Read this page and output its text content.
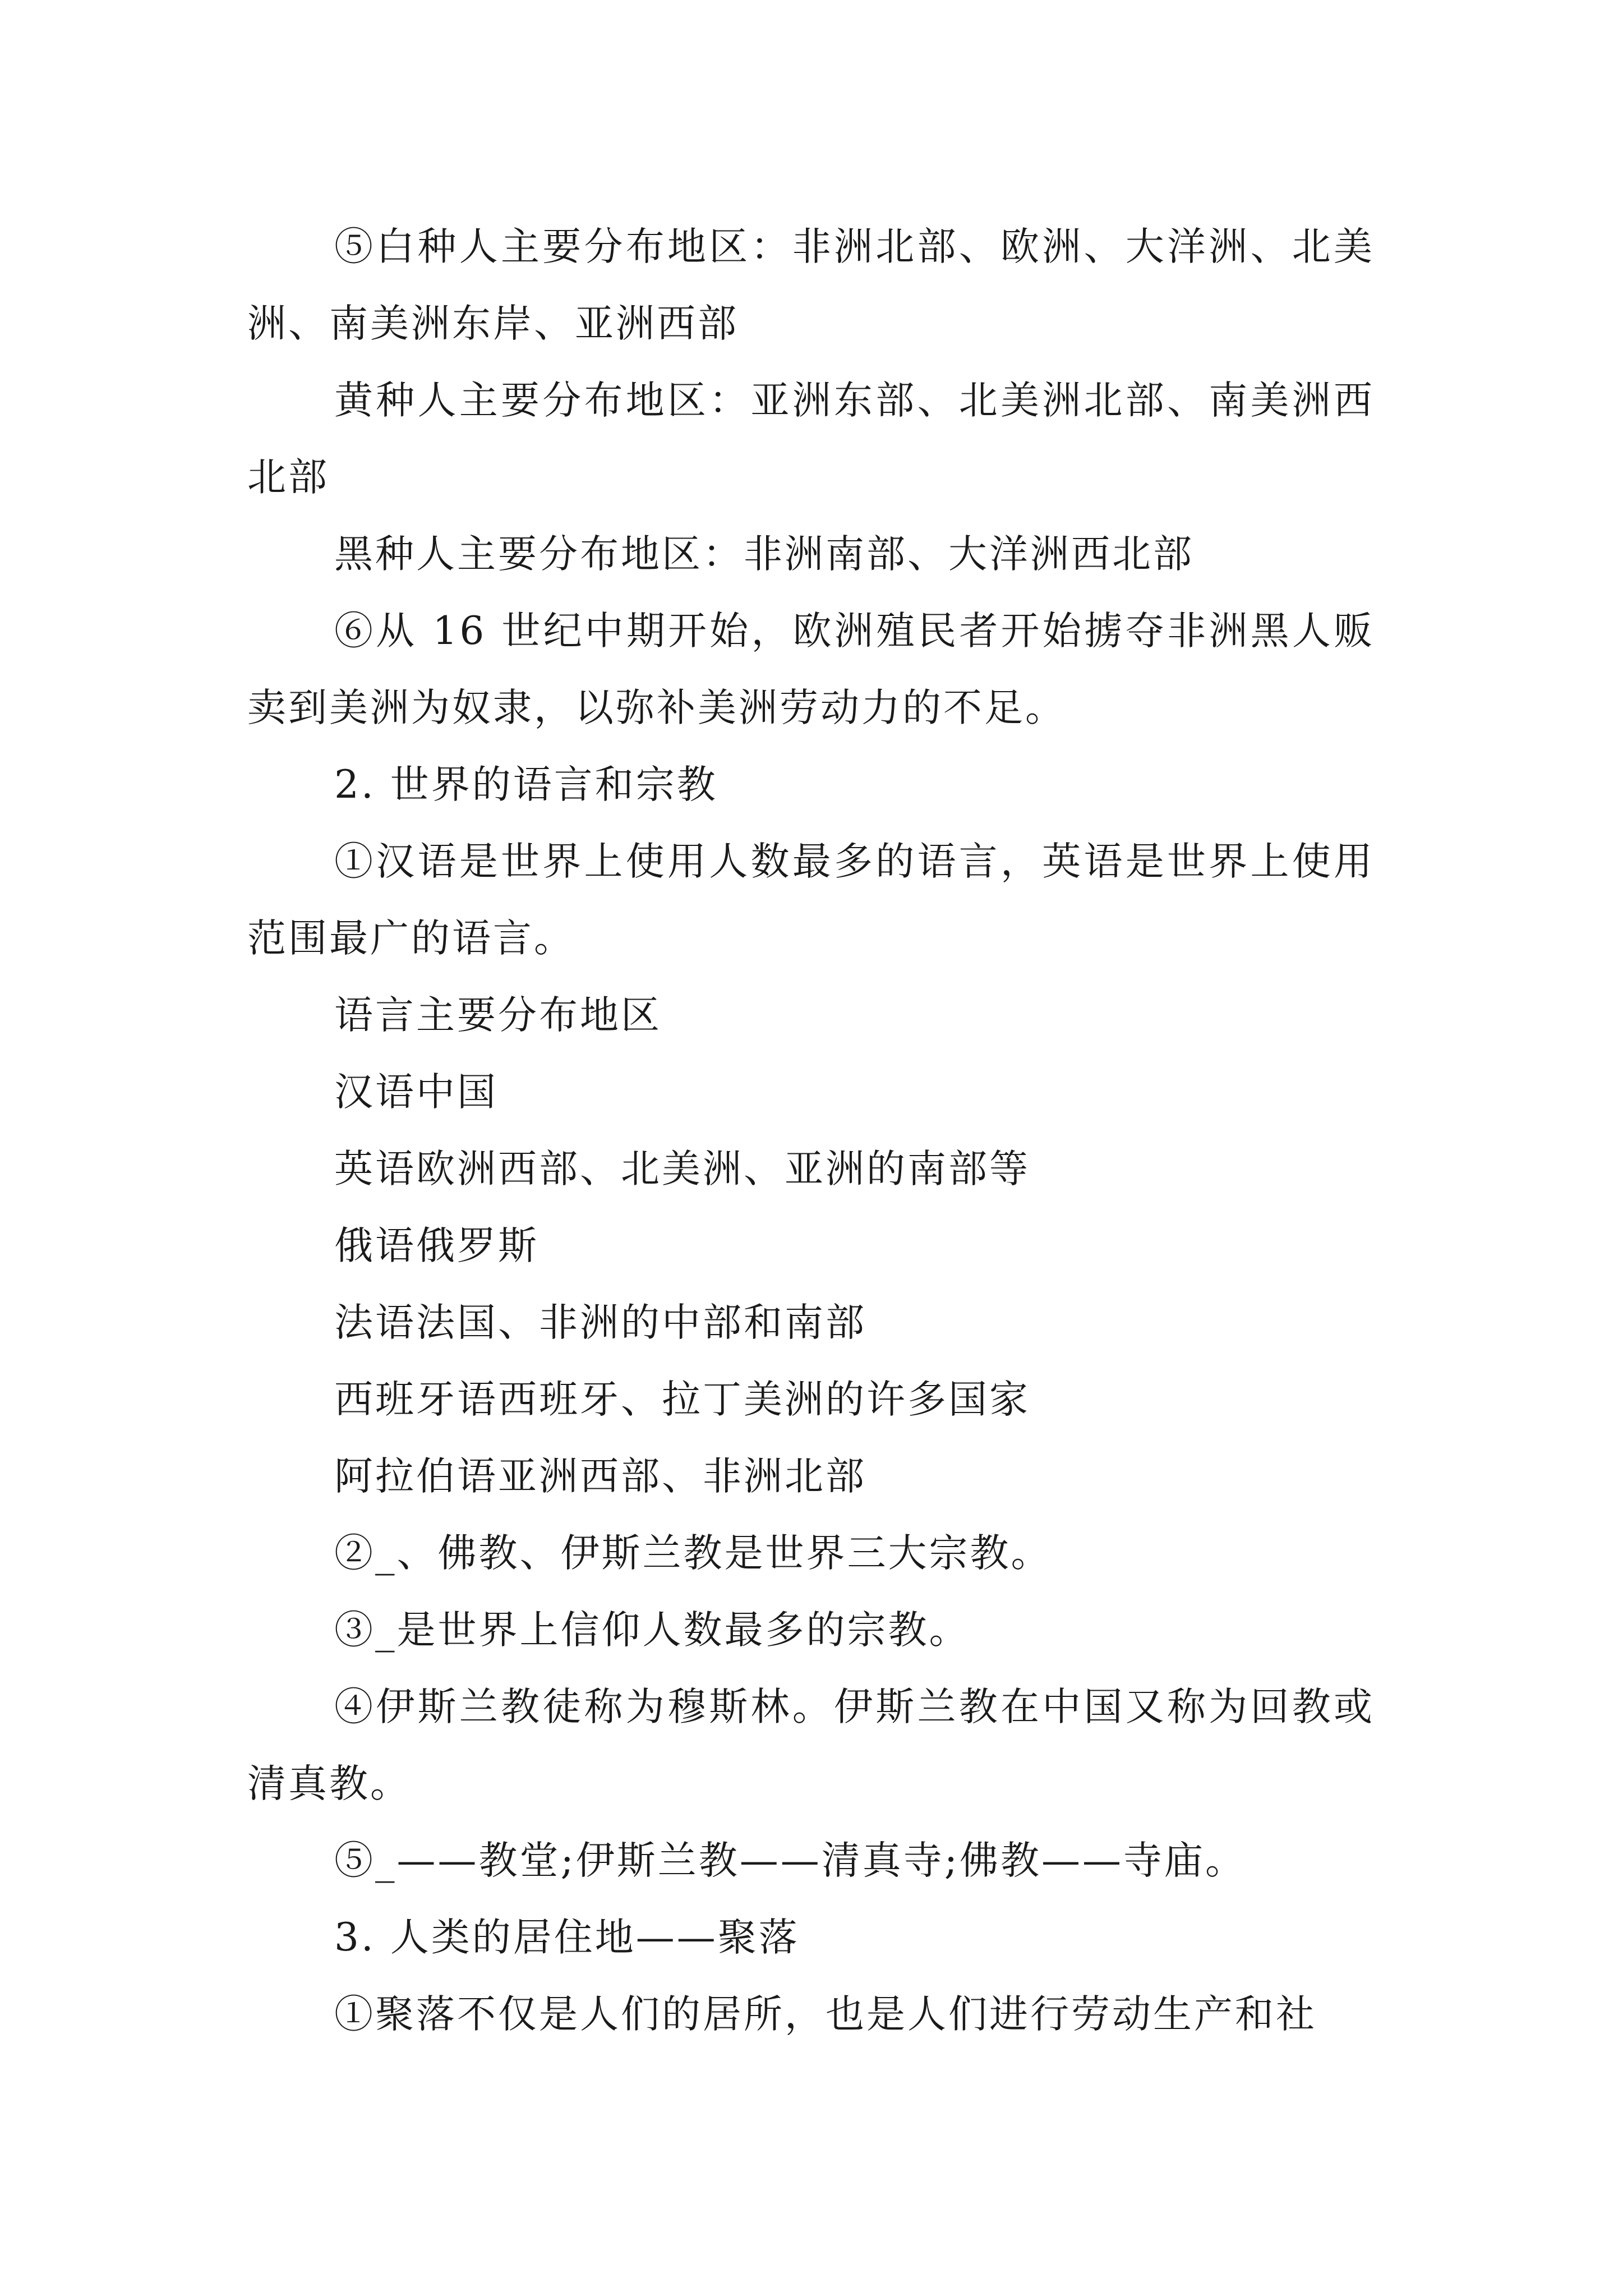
⑤白种人主要分布地区：非洲北部、欧洲、大洋洲、北美洲、南美洲东岸、亚洲西部

黄种人主要分布地区：亚洲东部、北美洲北部、南美洲西北部

黑种人主要分布地区：非洲南部、大洋洲西北部

⑥从 16 世纪中期开始，欧洲殖民者开始掳夺非洲黑人贩卖到美洲为奴隶，以弥补美洲劳动力的不足。

2. 世界的语言和宗教

①汉语是世界上使用人数最多的语言，英语是世界上使用范围最广的语言。

语言主要分布地区

汉语中国

英语欧洲西部、北美洲、亚洲的南部等

俄语俄罗斯

法语法国、非洲的中部和南部

西班牙语西班牙、拉丁美洲的许多国家

阿拉伯语亚洲西部、非洲北部

②_、佛教、伊斯兰教是世界三大宗教。

③_是世界上信仰人数最多的宗教。

④伊斯兰教徒称为穆斯林。伊斯兰教在中国又称为回教或清真教。

⑤_——教堂;伊斯兰教——清真寺;佛教——寺庙。

3. 人类的居住地——聚落

①聚落不仅是人们的居所，也是人们进行劳动生产和社
